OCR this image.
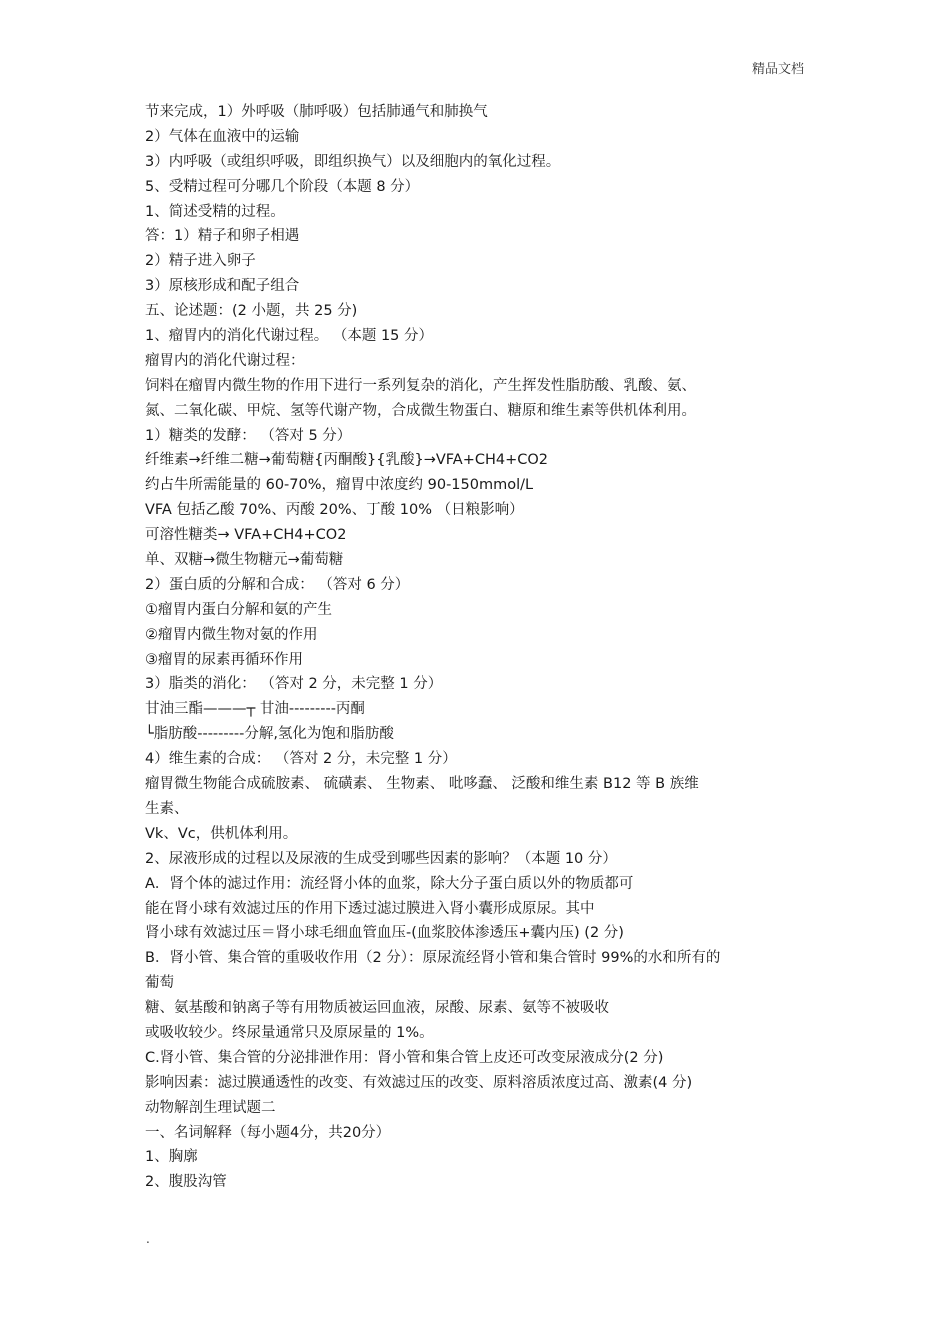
精品文档
节来完成，1）外呼吸（肺呼吸）包括肺通气和肺换气
2）气体在血液中的运输
3）内呼吸（或组织呼吸，即组织换气）以及细胞内的氧化过程。
5、受精过程可分哪几个阶段（本题 8 分）
1、简述受精的过程。
答：1）精子和卵子相遇
2）精子进入卵子
3）原核形成和配子组合
五、论述题：(2 小题，共 25 分)
1、瘤胃内的消化代谢过程。 （本题 15 分）
瘤胃内的消化代谢过程：
饲料在瘤胃内微生物的作用下进行一系列复杂的消化，产生挥发性脂肪酸、乳酸、氨、
氮、二氧化碳、甲烷、氢等代谢产物，合成微生物蛋白、糖原和维生素等供机体利用。
1）糖类的发酵： （答对 5 分）
纤维素→纤维二糖→葡萄糖{丙酮酸}{乳酸}→VFA+CH4+CO2
约占牛所需能量的 60-70%，瘤胃中浓度约 90-150mmol/L
VFA 包括乙酸 70%、丙酸 20%、丁酸 10% （日粮影响）
可溶性糖类→ VFA+CH4+CO2
单、双糖→微生物糖元→葡萄糖
2）蛋白质的分解和合成： （答对 6 分）
①瘤胃内蛋白分解和氨的产生
②瘤胃内微生物对氨的作用
③瘤胃的尿素再循环作用
3）脂类的消化： （答对 2 分，未完整 1 分）
甘油三酯———┬ 甘油---------丙酮
└脂肪酸---------分解,氢化为饱和脂肪酸
4）维生素的合成： （答对 2 分，未完整 1 分）
瘤胃微生物能合成硫胺素、 硫磺素、 生物素、 吡哆蠢、 泛酸和维生素 B12 等 B 族维
生素、
Vk、Vc，供机体利用。
2、尿液形成的过程以及尿液的生成受到哪些因素的影响？（本题 10 分）
A．肾个体的滤过作用：流经肾小体的血浆，除大分子蛋白质以外的物质都可
能在肾小球有效滤过压的作用下透过滤过膜进入肾小囊形成原尿。其中
肾小球有效滤过压＝肾小球毛细血管血压-(血浆胶体渗透压+囊内压) (2 分)
B．肾小管、集合管的重吸收作用（2 分）：原尿流经肾小管和集合管时 99%的水和所有的
葡萄
糖、氨基酸和钠离子等有用物质被运回血液，尿酸、尿素、氨等不被吸收
或吸收较少。终尿量通常只及原尿量的 1%。
C.肾小管、集合管的分泌排泄作用：肾小管和集合管上皮还可改变尿液成分(2 分)
影响因素：滤过膜通透性的改变、有效滤过压的改变、原料溶质浓度过高、激素(4 分)
动物解剖生理试题二
一、名词解释（每小题4分，共20分）
1、胸廓
2、腹股沟管
.
